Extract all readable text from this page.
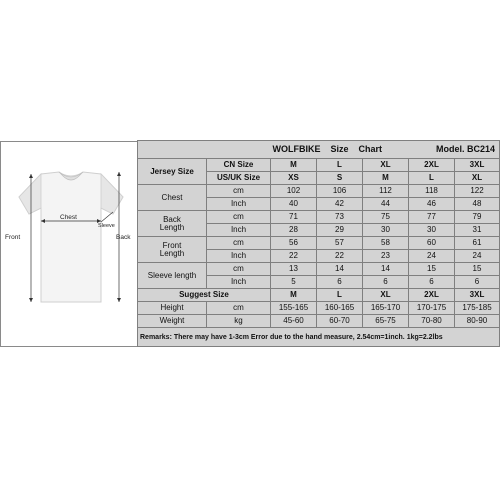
Chest
Front
Sleeve
Back
		WOLFBIKE Size Chart			Model. BC214	
Jersey Size	CN Size	M	L	XL	2XL	3XL
	US/UK Size	XS	S	M	L	XL
Chest	cm	102	106	112	118	122
	Inch	40	42	44	46	48
Back
Length	cm	71	73	75	77	79
	Inch	28	29	30	30	31
Front
Length	cm	56	57	58	60	61
	Inch	22	22	23	24	24
Sleeve length	cm	13	14	14	15	15
	Inch	5	6	6	6	6
Suggest Size		M	L	XL	2XL	3XL
Height	cm	155-165	160-165	165-170	170-175	175-185
Weight	kg	45-60	60-70	65-75	70-80	80-90
Remarks: There may have 1-3cm Error due to the hand measure, 2.54cm=1inch. 1kg=2.2lbs						
